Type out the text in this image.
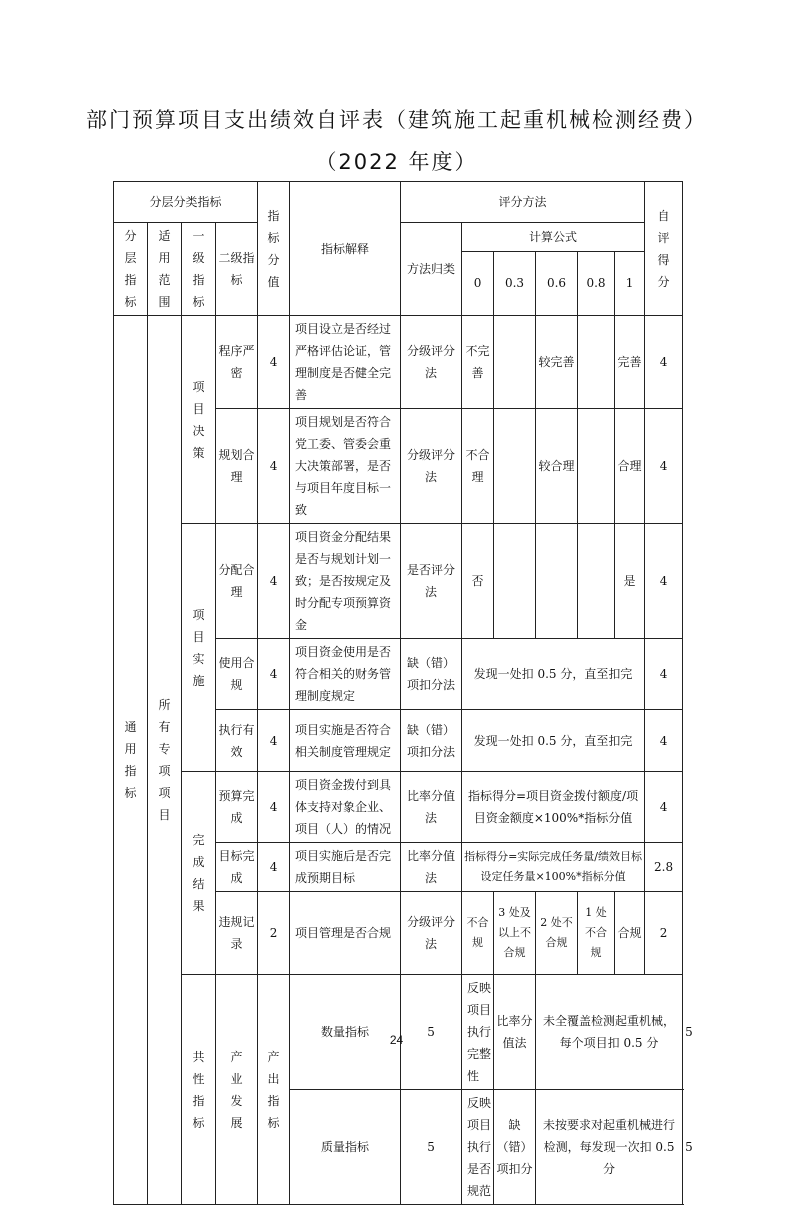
部门预算项目支出绩效自评表（建筑施工起重机械检测经费）
（2022 年度）
分层分类指标				指标分值	指标解释	评分方法						自评得分	

分层指标	适用范围	一级指标	二级指标			方法归类	计算公式						
							0	0.3	0.6	0.8	1		

通用指标	所有专项项目	项目决策	程序严密	4	项目设立是否经过严格评估论证，管理制度是否健全完善	分级评分法	不完善		较完善		完善	4	
			规划合理	4	项目规划是否符合党工委、管委会重大决策部署，是否与项目年度目标一致	分级评分法	不合理		较合理		合理	4	

		项目实施	分配合理	4	项目资金分配结果是否与规划计划一致；是否按规定及时分配专项预算资金	是否评分法	否				是	4	
			使用合规	4	项目资金使用是否符合相关的财务管理制度规定	缺（错）项扣分法	发现一处扣 0.5 分，直至扣完					4	
			执行有效	4	项目实施是否符合相关制度管理规定	缺（错）项扣分法	发现一处扣 0.5 分，直至扣完					4	

		完成结果	预算完成	4	项目资金拨付到具体支持对象企业、项目（人）的情况	比率分值法	指标得分=项目资金拨付额度/项目资金额度×100%*指标分值					4	
			目标完成	4	项目实施后是否完成预期目标	比率分值法	指标得分=实际完成任务量/绩效目标设定任务量×100%*指标分值					2.8	
			违规记录	2	项目管理是否合规	分级评分法	不合规	3 处及以上不合规	2 处不合规	1 处不合规	合规	2	

		共性指标	产业发展	产出指标	数量指标	5	反映项目执行完整性	比率分值法	未全覆盖检测起重机械，每个项目扣 0.5 分				5
					质量指标	5	反映项目执行是否规范	缺（错）项扣分	未按要求对起重机械进行检测，每发现一次扣 0.5 分				5
24
